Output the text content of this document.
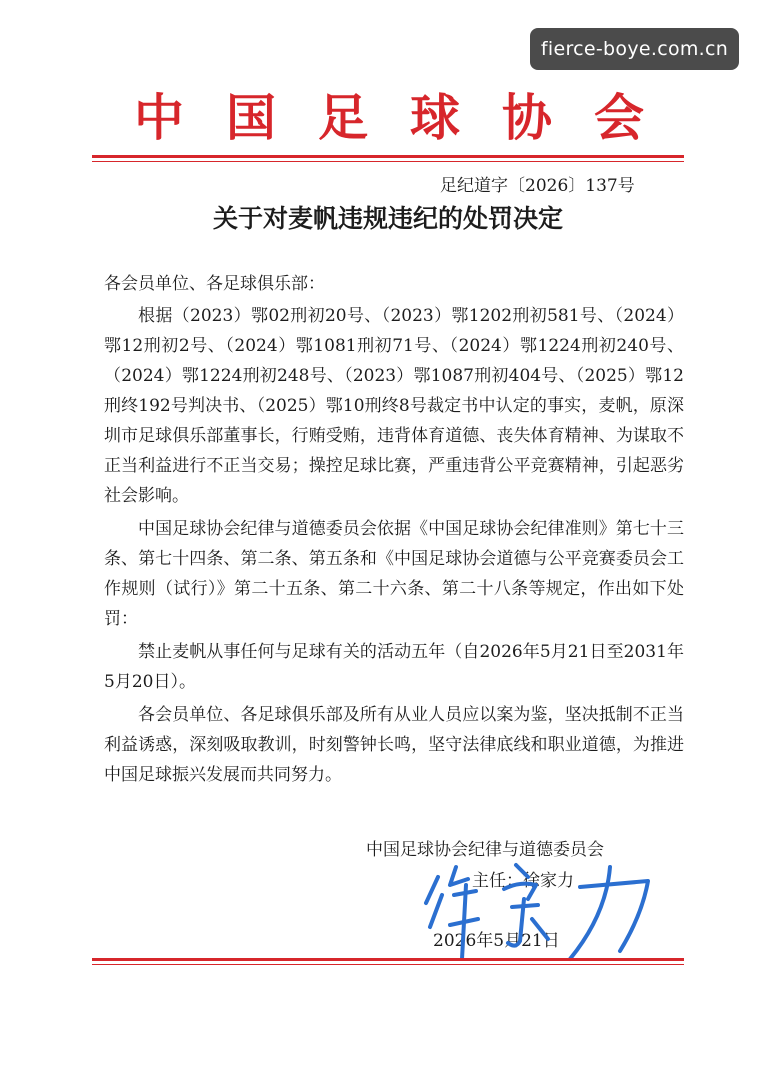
fierce-boye.com.cn
中 国 足 球 协 会
足纪道字〔2026〕137号
关于对麦帆违规违纪的处罚决定
各会员单位、各足球俱乐部：

根据（2023）鄂02刑初20号、（2023）鄂1202刑初581号、（2024）鄂12刑初2号、（2024）鄂1081刑初71号、（2024）鄂1224刑初240号、（2024）鄂1224刑初248号、（2023）鄂1087刑初404号、（2025）鄂12刑终192号判决书、（2025）鄂10刑终8号裁定书中认定的事实，麦帆，原深圳市足球俱乐部董事长，行贿受贿，违背体育道德、丧失体育精神、为谋取不正当利益进行不正当交易；操控足球比赛，严重违背公平竞赛精神，引起恶劣社会影响。

中国足球协会纪律与道德委员会依据《中国足球协会纪律准则》第七十三条、第七十四条、第二条、第五条和《中国足球协会道德与公平竞赛委员会工作规则（试行）》第二十五条、第二十六条、第二十八条等规定，作出如下处罚：

禁止麦帆从事任何与足球有关的活动五年（自2026年5月21日至2031年5月20日）。

各会员单位、各足球俱乐部及所有从业人员应以案为鉴，坚决抵制不正当利益诱惑，深刻吸取教训，时刻警钟长鸣，坚守法律底线和职业道德，为推进中国足球振兴发展而共同努力。

中国足球协会纪律与道德委员会
主任：徐家力
2026年5月21日
